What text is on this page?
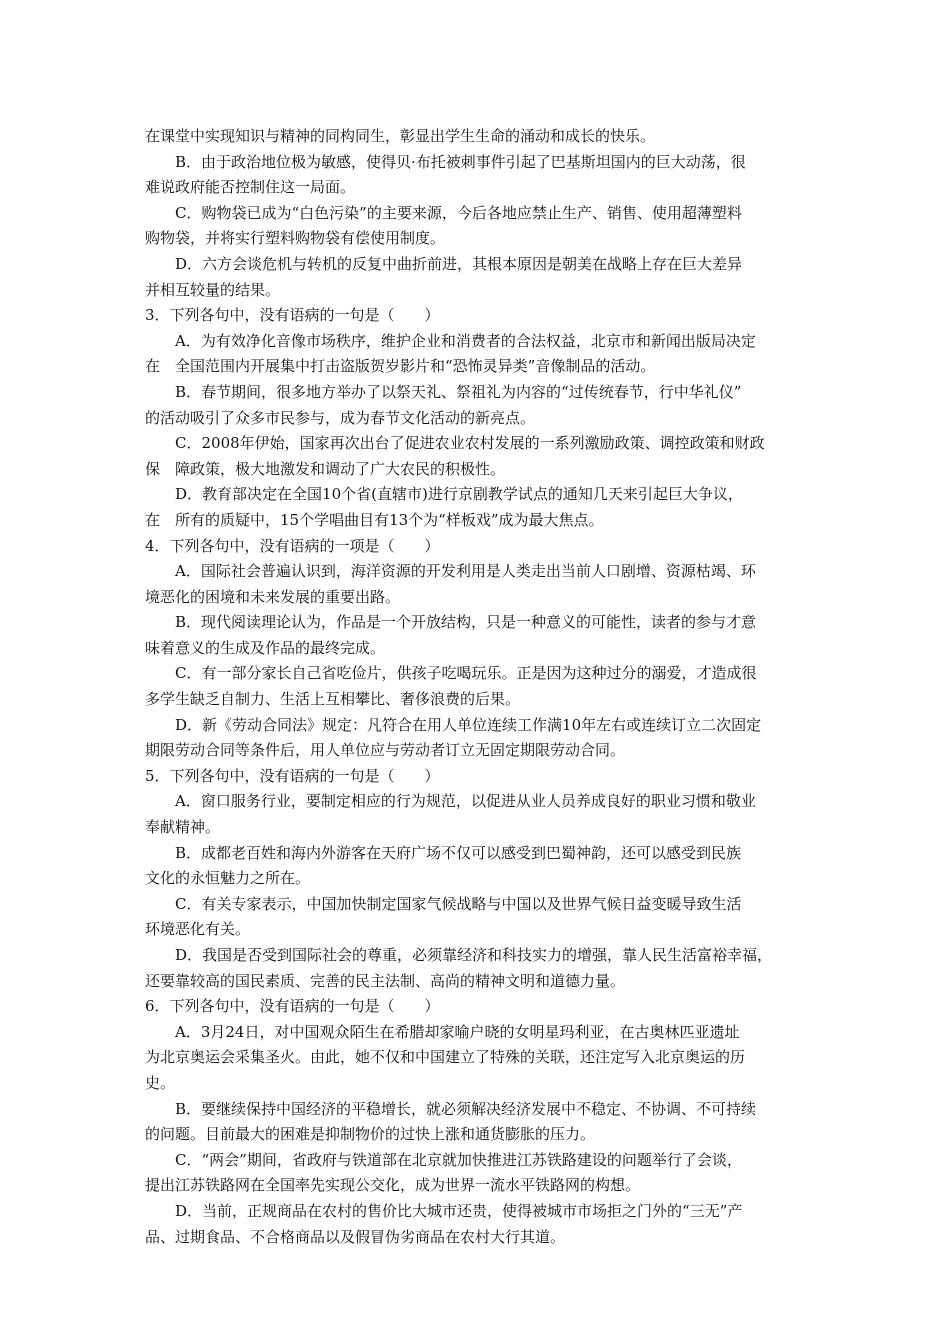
在课堂中实现知识与精神的同构同生，彰显出学生生命的涌动和成长的快乐。
B．由于政治地位极为敏感，使得贝·布托被刺事件引起了巴基斯坦国内的巨大动荡，很
难说政府能否控制住这一局面。
C．购物袋已成为“白色污染”的主要来源，今后各地应禁止生产、销售、使用超薄塑料
购物袋，并将实行塑料购物袋有偿使用制度。
D．六方会谈危机与转机的反复中曲折前进，其根本原因是朝美在战略上存在巨大差异
并相互较量的结果。
3．下列各句中，没有语病的一句是（　　）
A．为有效净化音像市场秩序，维护企业和消费者的合法权益，北京市和新闻出版局决定
在　全国范围内开展集中打击盗版贺岁影片和“恐怖灵异类”音像制品的活动。
B．春节期间，很多地方举办了以祭天礼、祭祖礼为内容的“过传统春节，行中华礼仪”
的活动吸引了众多市民参与，成为春节文化活动的新亮点。
C．2008年伊始，国家再次出台了促进农业农村发展的一系列激励政策、调控政策和财政
保　障政策，极大地激发和调动了广大农民的积极性。
D．教育部决定在全国10个省(直辖市)进行京剧教学试点的通知几天来引起巨大争议，
在　所有的质疑中，15个学唱曲目有13个为“样板戏”成为最大焦点。
4．下列各句中，没有语病的一项是（　　）
A．国际社会普遍认识到，海洋资源的开发利用是人类走出当前人口剧增、资源枯竭、环
境恶化的困境和未来发展的重要出路。
B．现代阅读理论认为，作品是一个开放结构，只是一种意义的可能性，读者的参与才意
味着意义的生成及作品的最终完成。
C．有一部分家长自己省吃俭片，供孩子吃喝玩乐。正是因为这种过分的溺爱，才造成很
多学生缺乏自制力、生活上互相攀比、奢侈浪费的后果。
D．新《劳动合同法》规定：凡符合在用人单位连续工作满10年左右或连续订立二次固定
期限劳动合同等条件后，用人单位应与劳动者订立无固定期限劳动合同。
5．下列各句中，没有语病的一句是（　　）
A．窗口服务行业，要制定相应的行为规范，以促进从业人员养成良好的职业习惯和敬业
奉献精神。
B．成都老百姓和海内外游客在天府广场不仅可以感受到巴蜀神韵，还可以感受到民族
文化的永恒魅力之所在。
C．有关专家表示，中国加快制定国家气候战略与中国以及世界气候日益变暖导致生活
环境恶化有关。
D．我国是否受到国际社会的尊重，必须靠经济和科技实力的增强，靠人民生活富裕幸福，
还要靠较高的国民素质、完善的民主法制、高尚的精神文明和道德力量。
6．下列各句中，没有语病的一句是（　　）
A．3月24日，对中国观众陌生在希腊却家喻户晓的女明星玛利亚，在古奥林匹亚遗址
为北京奥运会采集圣火。由此，她不仅和中国建立了特殊的关联，还注定写入北京奥运的历
史。
B．要继续保持中国经济的平稳增长，就必须解决经济发展中不稳定、不协调、不可持续
的问题。目前最大的困难是抑制物价的过快上涨和通货膨胀的压力。
C．“两会”期间，省政府与铁道部在北京就加快推进江苏铁路建设的问题举行了会谈，
提出江苏铁路网在全国率先实现公交化，成为世界一流水平铁路网的构想。
D．当前，正规商品在农村的售价比大城市还贵，使得被城市市场拒之门外的“三无”产
品、过期食品、不合格商品以及假冒伪劣商品在农村大行其道。
